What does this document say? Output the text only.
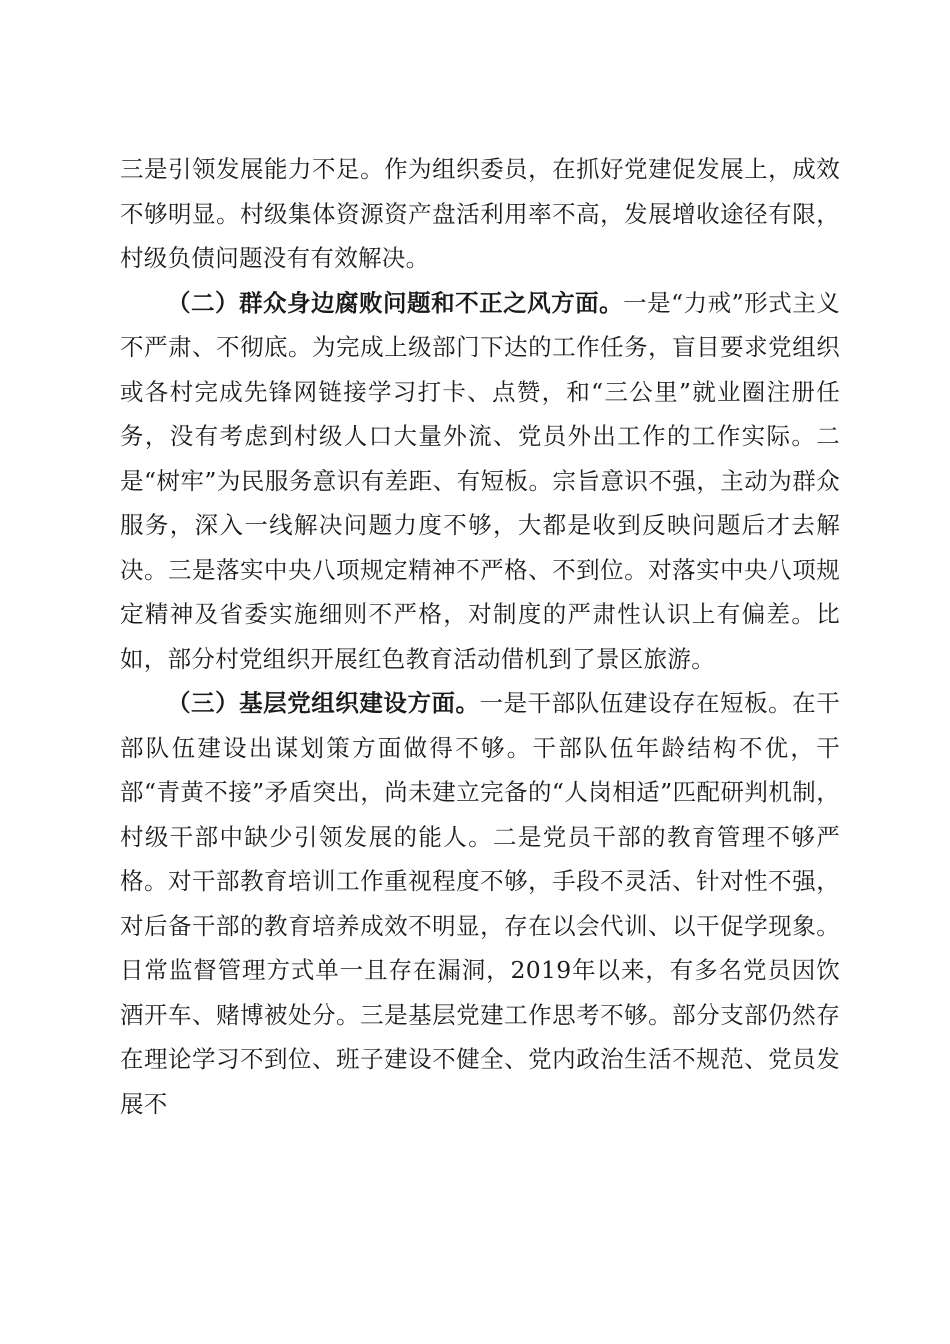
三是引领发展能力不足。作为组织委员，在抓好党建促发展上，成效不够明显。村级集体资源资产盘活利用率不高，发展增收途径有限，村级负债问题没有有效解决。

（二）群众身边腐败问题和不正之风方面。一是“力戒”形式主义不严肃、不彻底。为完成上级部门下达的工作任务，盲目要求党组织或各村完成先锋网链接学习打卡、点赞，和“三公里”就业圈注册任务，没有考虑到村级人口大量外流、党员外出工作的工作实际。二是“树牢”为民服务意识有差距、有短板。宗旨意识不强，主动为群众服务，深入一线解决问题力度不够，大都是收到反映问题后才去解决。三是落实中央八项规定精神不严格、不到位。对落实中央八项规定精神及省委实施细则不严格，对制度的严肃性认识上有偏差。比如，部分村党组织开展红色教育活动借机到了景区旅游。

（三）基层党组织建设方面。一是干部队伍建设存在短板。在干部队伍建设出谋划策方面做得不够。干部队伍年龄结构不优，干部“青黄不接”矛盾突出，尚未建立完备的“人岗相适”匹配研判机制，村级干部中缺少引领发展的能人。二是党员干部的教育管理不够严格。对干部教育培训工作重视程度不够，手段不灵活、针对性不强，对后备干部的教育培养成效不明显，存在以会代训、以干促学现象。日常监督管理方式单一且存在漏洞，2019年以来，有多名党员因饮酒开车、赌博被处分。三是基层党建工作思考不够。部分支部仍然存在理论学习不到位、班子建设不健全、党内政治生活不规范、党员发展不
